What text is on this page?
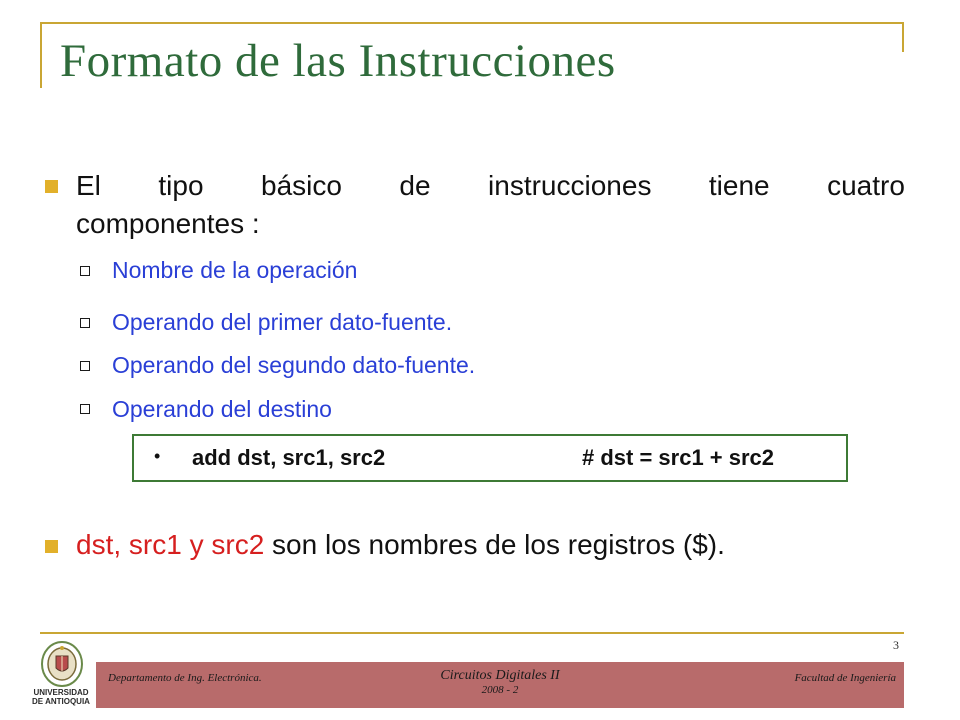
Formato de las Instrucciones
El tipo básico de instrucciones tiene cuatro
componentes :
Nombre de la operación
Operando del primer dato-fuente.
Operando del segundo dato-fuente.
Operando del destino
• add dst, src1, src2	# dst = src1 + src2
dst, src1 y src2 son los nombres de los registros ($).
3
UNIVERSIDAD
DE ANTIOQUIA
Departamento de Ing. Electrónica.	Circuitos Digitales II
2008 - 2
Facultad de Ingeniería
